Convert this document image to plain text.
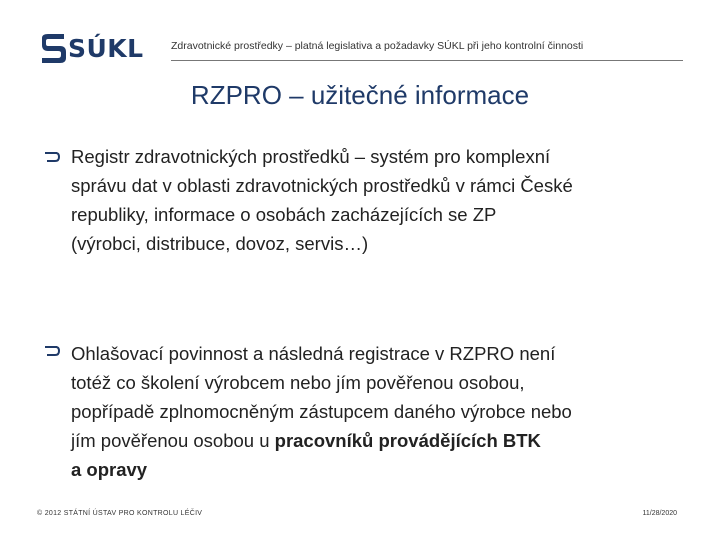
SÚKL	Zdravotnické prostředky – platná legislativa a požadavky SÚKL při jeho kontrolní činnosti
RZPRO – užitečné informace
Registr zdravotnických prostředků – systém pro komplexní
správu dat v oblasti zdravotnických prostředků v rámci České
republiky, informace o osobách zacházejících se ZP
(výrobci, distribuce, dovoz, servis…)
Ohlašovací povinnost a následná registrace v RZPRO není
totéž co školení výrobcem nebo jím pověřenou osobou,
popřípadě zplnomocněným zástupcem daného výrobce nebo
jím pověřenou osobou u pracovníků provádějících BTK
a opravy
© 2012 STÁTNÍ ÚSTAV PRO KONTROLU LÉČIV	11/28/2020
